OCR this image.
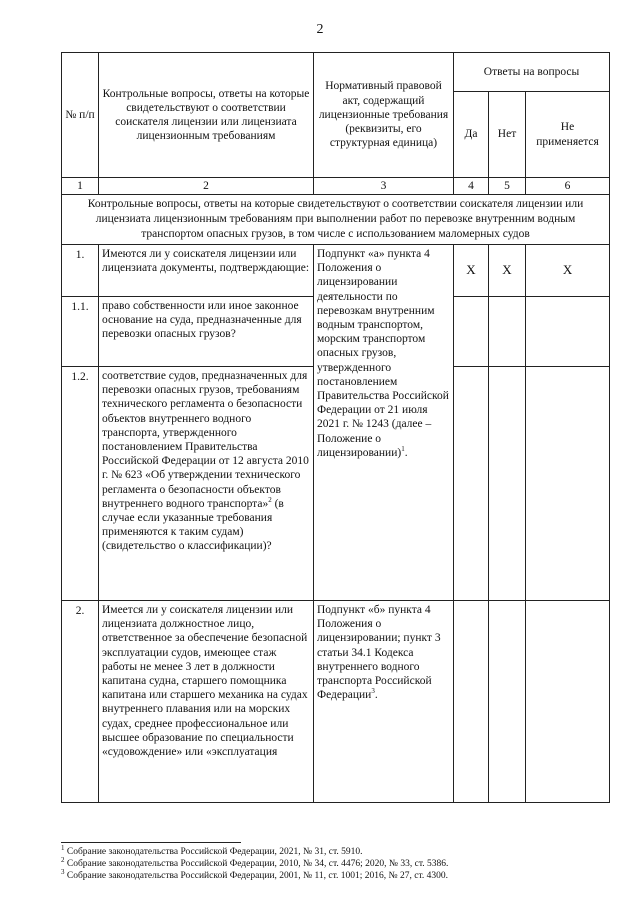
2
№ п/п	Контрольные вопросы, ответы на которые свидетельствуют о соответствии соискателя лицензии или лицензиата лицензионным требованиям	Нормативный правовой акт, содержащий лицензионные требования (реквизиты, его структурная единица)	Ответы на вопросы		
			Да	Нет	Не применяется
1	2	3	4	5	6
Контрольные вопросы, ответы на которые свидетельствуют о соответствии соискателя лицензии или лицензиата лицензионным требованиям при выполнении работ по перевозке внутренним водным транспортом опасных грузов, в том числе с использованием маломерных судов					
1.	Имеются ли у соискателя лицензии или лицензиата документы, подтверждающие:	Подпункт «а» пункта 4 Положения о лицензировании деятельности по перевозкам внутренним водным транспортом, морским транспортом опасных грузов, утвержденного постановлением Правительства Российской Федерации от 21 июля 2021 г. № 1243 (далее – Положение о лицензировании)$^1$.	X	X	X
1.1.	право собственности или иное законное основание на суда, предназначенные для перевозки опасных грузов?				
1.2.	соответствие судов, предназначенных для перевозки опасных грузов, требованиям технического регламента о безопасности объектов внутреннего водного транспорта, утвержденного постановлением Правительства Российской Федерации от 12 августа 2010 г. № 623 «Об утверждении технического регламента о безопасности объектов внутреннего водного транспорта»$^2$ (в случае если указанные требования применяются к таким судам)(свидетельство о классификации)?				
2.	Имеется ли у соискателя лицензии или лицензиата должностное лицо, ответственное за обеспечение безопасной эксплуатации судов, имеющее стаж работы не менее 3 лет в должности капитана судна, старшего помощника капитана или старшего механика на судах внутреннего плавания или на морских судах, среднее профессиональное или высшее образование по специальности «судовождение» или «эксплуатация	Подпункт «б» пункта 4 Положения о лицензировании; пункт 3 статьи 34.1 Кодекса внутреннего водного транспорта Российской Федерации$^3$.			
$^1$ Собрание законодательства Российской Федерации, 2021, № 31, ст. 5910.
$^2$ Собрание законодательства Российской Федерации, 2010, № 34, ст. 4476; 2020, № 33, ст. 5386.
$^3$ Собрание законодательства Российской Федерации, 2001, № 11, ст. 1001; 2016, № 27, ст. 4300.
